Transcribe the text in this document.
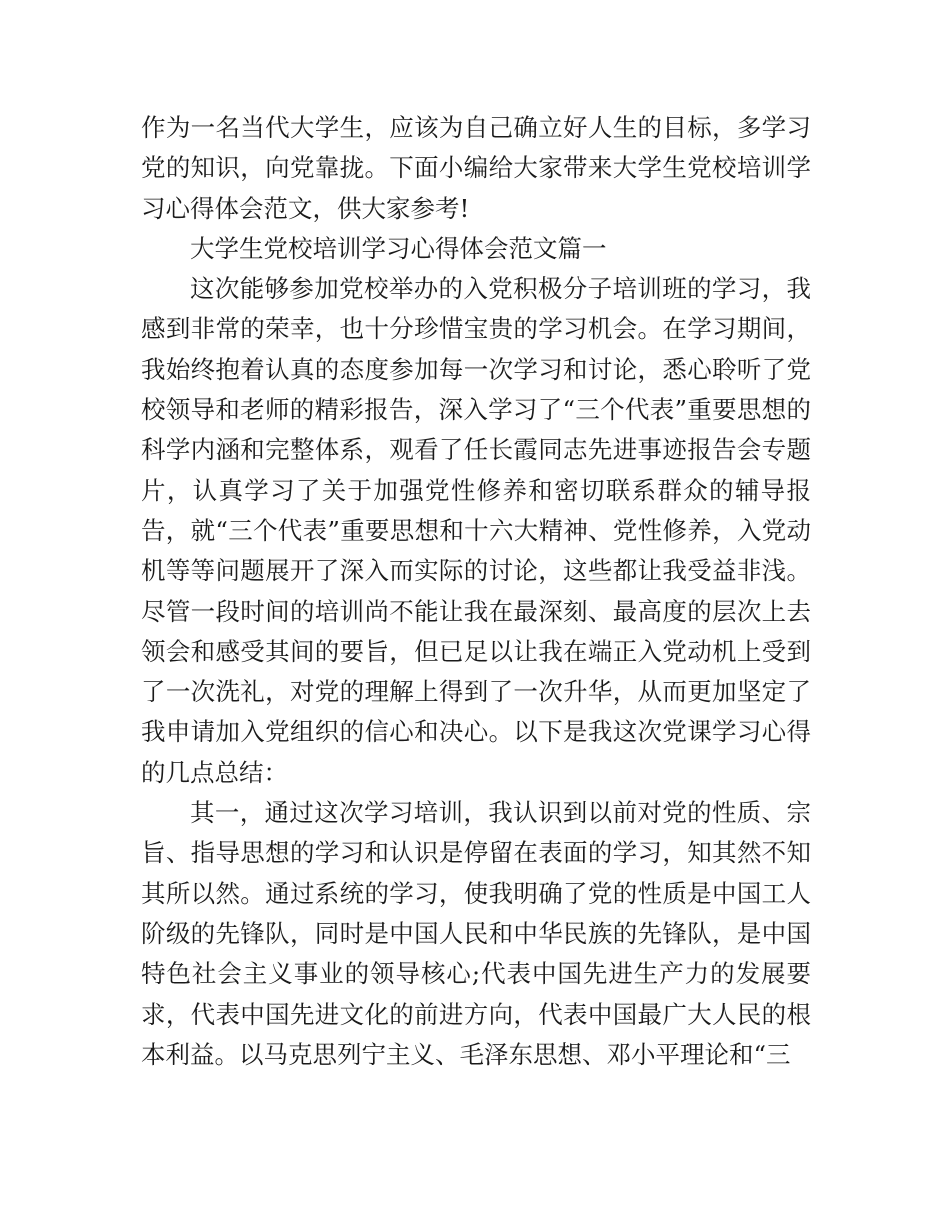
作为一名当代大学生，应该为自己确立好人生的目标，多学习党的知识，向党靠拢。下面小编给大家带来大学生党校培训学习心得体会范文，供大家参考!

大学生党校培训学习心得体会范文篇一

这次能够参加党校举办的入党积极分子培训班的学习，我感到非常的荣幸，也十分珍惜宝贵的学习机会。在学习期间，我始终抱着认真的态度参加每一次学习和讨论，悉心聆听了党校领导和老师的精彩报告，深入学习了“三个代表”重要思想的科学内涵和完整体系，观看了任长霞同志先进事迹报告会专题片，认真学习了关于加强党性修养和密切联系群众的辅导报告，就“三个代表”重要思想和十六大精神、党性修养，入党动机等等问题展开了深入而实际的讨论，这些都让我受益非浅。尽管一段时间的培训尚不能让我在最深刻、最高度的层次上去领会和感受其间的要旨，但已足以让我在端正入党动机上受到了一次洗礼，对党的理解上得到了一次升华，从而更加坚定了我申请加入党组织的信心和决心。以下是我这次党课学习心得的几点总结：

其一，通过这次学习培训，我认识到以前对党的性质、宗旨、指导思想的学习和认识是停留在表面的学习，知其然不知其所以然。通过系统的学习，使我明确了党的性质是中国工人阶级的先锋队，同时是中国人民和中华民族的先锋队，是中国特色社会主义事业的领导核心;代表中国先进生产力的发展要求，代表中国先进文化的前进方向，代表中国最广大人民的根本利益。以马克思列宁主义、毛泽东思想、邓小平理论和“三
